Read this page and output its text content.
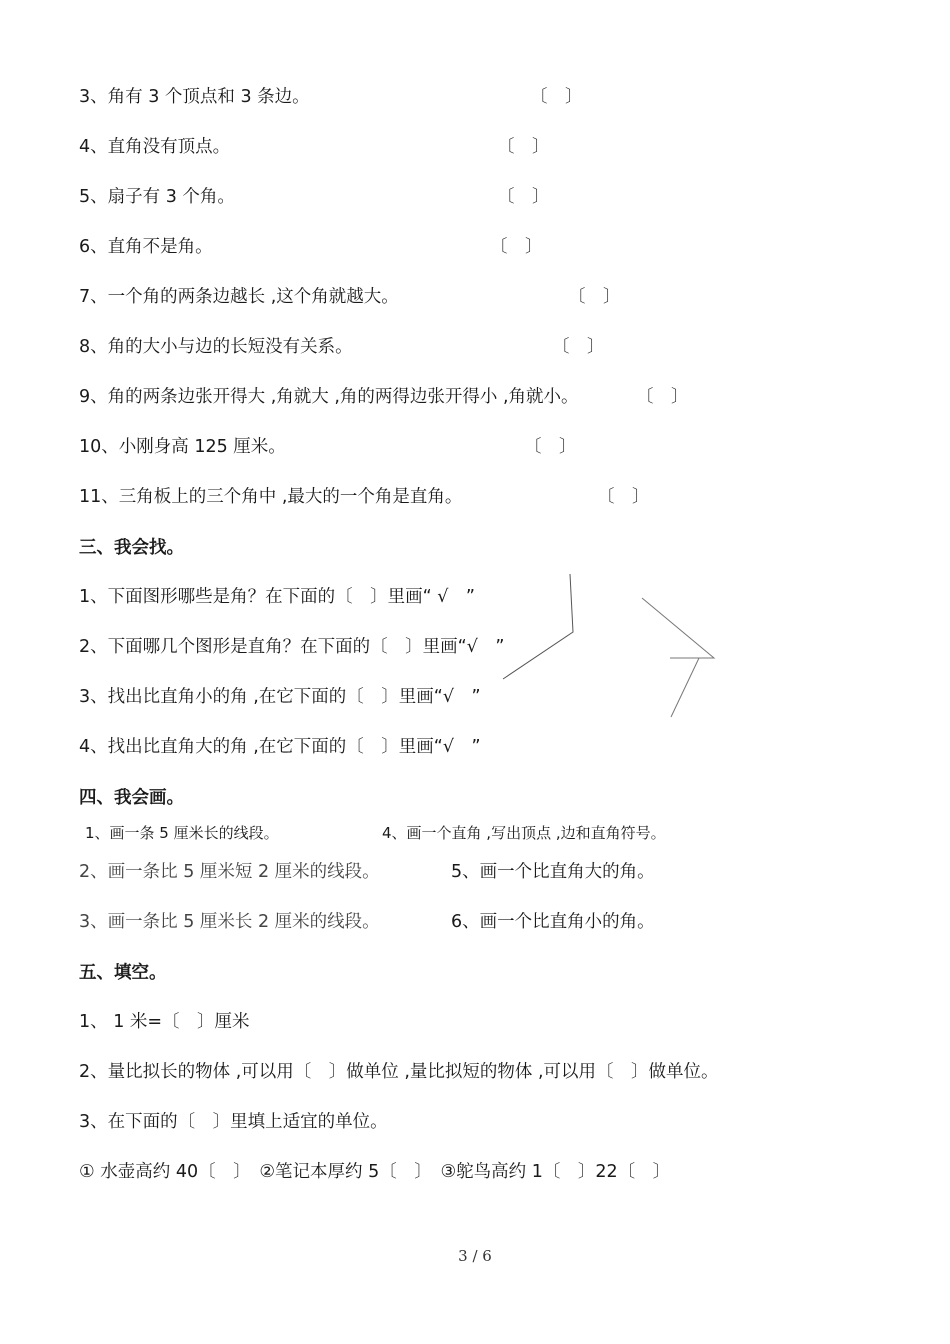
3、角有 3 个顶点和 3 条边。	〔　〕
4、直角没有顶点。	〔　〕
5、扇子有 3 个角。	〔　〕
6、直角不是角。	〔　〕
7、一个角的两条边越长 ,这个角就越大。	〔　〕
8、角的大小与边的长短没有关系。	〔　〕
9、角的两条边张开得大 ,角就大 ,角的两得边张开得小 ,角就小。	〔　〕
10、小刚身高 125 厘米。	〔　〕
11、三角板上的三个角中 ,最大的一个角是直角。	〔　〕
三、我会找。
1、下面图形哪些是角？在下面的〔　〕里画“ √　”
2、下面哪几个图形是直角？在下面的〔　〕里画“√　”
3、找出比直角小的角 ,在它下面的〔　〕里画“√　”
4、找出比直角大的角 ,在它下面的〔　〕里画“√　”
四、我会画。
1、画一条 5 厘米长的线段。	4、画一个直角 ,写出顶点 ,边和直角符号。
2、画一条比 5 厘米短 2 厘米的线段。	5、画一个比直角大的角。
3、画一条比 5 厘米长 2 厘米的线段。	6、画一个比直角小的角。
五、填空。
1、 1 米=〔　〕厘米
2、量比拟长的物体 ,可以用〔　〕做单位 ,量比拟短的物体 ,可以用〔　〕做单位。
3、在下面的〔　〕里填上适宜的单位。
① 水壶高约 40〔　〕　②笔记本厚约 5〔　〕　③鸵鸟高约 1〔　〕22〔　〕
3 / 6
